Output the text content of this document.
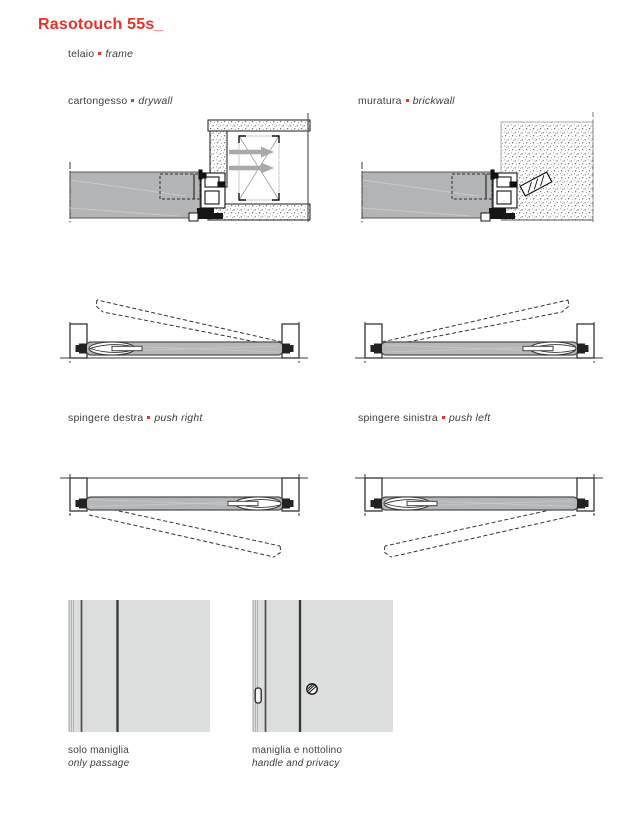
Rasotouch 55s_
telaio frame
cartongesso drywall	muratura brickwall
spingere destra push right	spingere sinistra push left
solo maniglia
only passage
maniglia e nottolino
handle and privacy
